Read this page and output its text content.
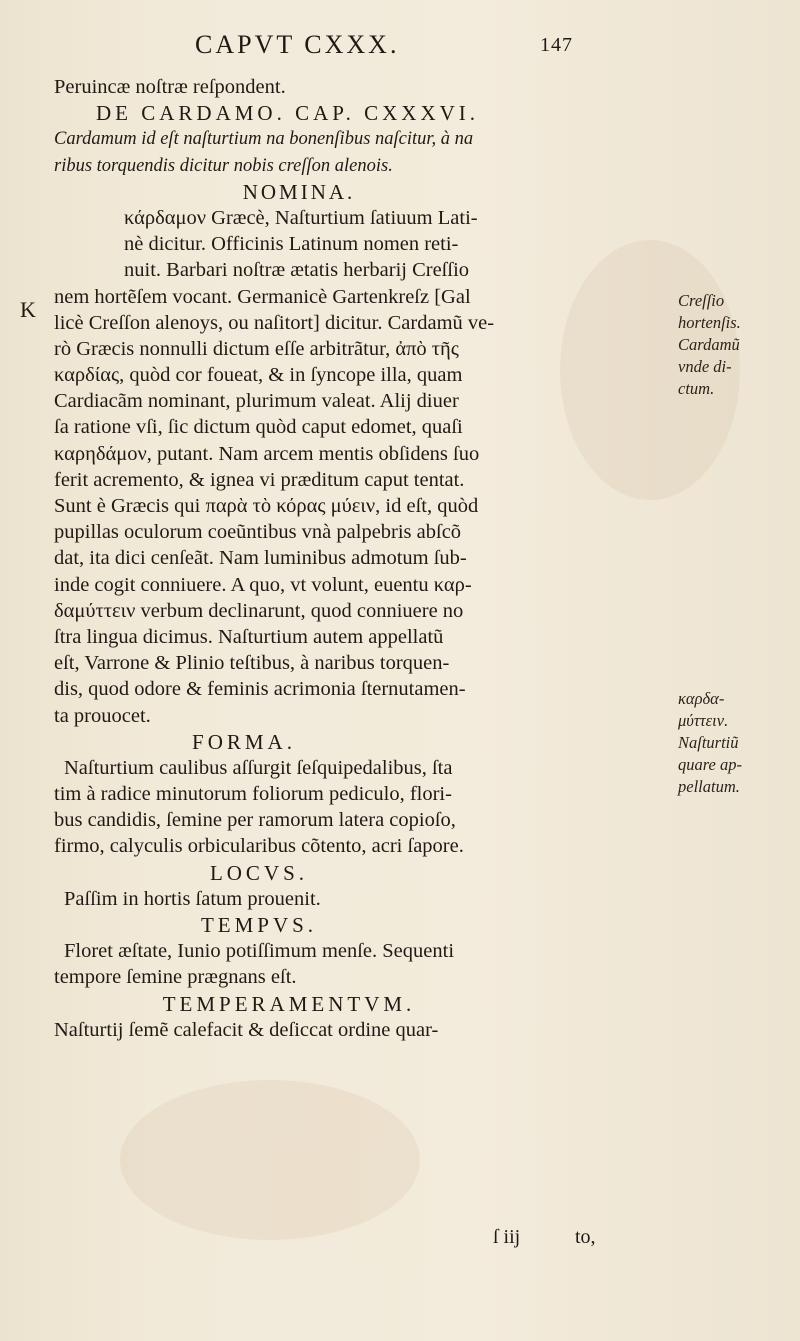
CAPVT CXXX.	147
Peruincæ noſtræ reſpondent.
DE CARDAMO. CAP. CXXXVI.
Cardamum id eſt naſturtium na bonenſibus naſcitur, à na
ribus torquendis dicitur nobis creſſon alenois.
NOMINA.
κάρδαμον Græcè, Naſturtium ſatiuum Lati-
nè dicitur. Officinis Latinum nomen reti-
nuit. Barbari noſtræ ætatis herbarij Creſſio
nem hortẽſem vocant. Germanicè Gartenkreſz [Gal
licè Creſſon alenoys, ou naſitort] dicitur. Cardamũ ve-
rò Græcis nonnulli dictum eſſe arbitrãtur, ἀπὸ τῆς
καρδίας, quòd cor foueat, & in ſyncope illa, quam
Cardiacãm nominant, plurimum valeat. Alij diuer
ſa ratione vſi, ſic dictum quòd caput edomet, quaſi
καρηδάμον, putant. Nam arcem mentis obſidens ſuo
ferit acremento, & ignea vi præditum caput tentat.
Sunt è Græcis qui παρὰ τὸ κόρας μύειν, id eſt, quòd
pupillas oculorum coeũntibus vnà palpebris abſcõ
dat, ita dici cenſeãt. Nam luminibus admotum ſub-
inde cogit conniuere. A quo, vt volunt, euentu καρ-
δαμύττειν verbum declinarunt, quod conniuere no
ſtra lingua dicimus. Naſturtium autem appellatũ
eſt, Varrone & Plinio teſtibus, à naribus torquen-
dis, quod odore & feminis acrimonia ſternutamen-
ta prouocet.
FORMA.
Naſturtium caulibus aſſurgit ſeſquipedalibus, ſta
tim à radice minutorum foliorum pediculo, flori-
bus candidis, ſemine per ramorum latera copioſo,
firmo, calyculis orbicularibus cõtento, acri ſapore.
LOCVS.
Paſſim in hortis ſatum prouenit.
TEMPVS.
Floret æſtate, Iunio potiſſimum menſe. Sequenti
tempore ſemine prægnans eſt.
TEMPERAMENTVM.
Naſturtij ſemẽ calefacit & deſiccat ordine quar-
K	Creſſio
hortenſis.
Cardamũ
vnde di-
ctum.
καρδα-
μύττειν.
Naſturtiũ
quare ap-
pellatum.
ſ iij	to,
